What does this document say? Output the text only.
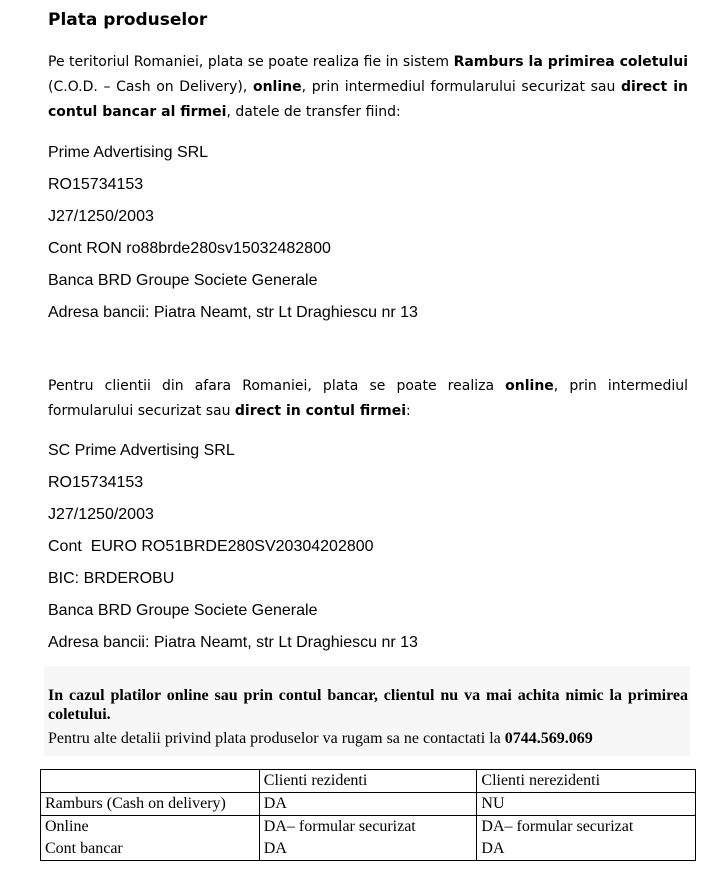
Plata produselor
Pe teritoriul Romaniei, plata se poate realiza fie in sistem Ramburs la primirea coletului (C.O.D. – Cash on Delivery), online, prin intermediul formularului securizat sau direct in contul bancar al firmei, datele de transfer fiind:
Prime Advertising SRL
RO15734153
J27/1250/2003
Cont RON ro88brde280sv15032482800
Banca BRD Groupe Societe Generale
Adresa bancii: Piatra Neamt, str Lt Draghiescu nr 13
Pentru clientii din afara Romaniei, plata se poate realiza online, prin intermediul formularului securizat sau direct in contul firmei:
SC Prime Advertising SRL
RO15734153
J27/1250/2003
Cont  EURO RO51BRDE280SV20304202800
BIC: BRDEROBU
Banca BRD Groupe Societe Generale
Adresa bancii: Piatra Neamt, str Lt Draghiescu nr 13
In cazul platilor online sau prin contul bancar, clientul nu va mai achita nimic la primirea coletului.
Pentru alte detalii privind plata produselor va rugam sa ne contactati la 0744.569.069
	Clienti rezidenti	Clienti nerezidenti
Ramburs (Cash on delivery)	DA	NU
Online	DA– formular securizat	DA– formular securizat
Cont bancar	DA	DA
